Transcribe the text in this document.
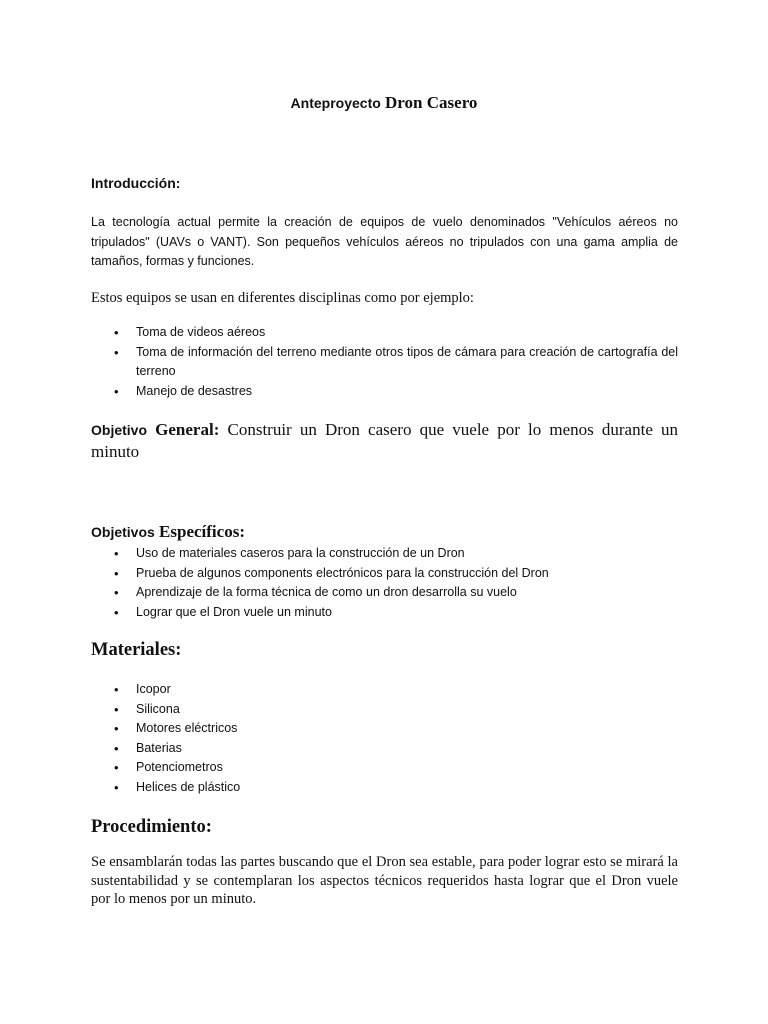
Anteproyecto Dron Casero
Introducción:
La tecnología actual permite la creación de equipos de vuelo denominados "Vehículos aéreos no tripulados" (UAVs o VANT). Son pequeños vehículos aéreos no tripulados con una gama amplia de tamaños, formas y funciones.
Estos equipos se usan en diferentes disciplinas como por ejemplo:
• Toma de videos aéreos
• Toma de información del terreno mediante otros tipos de cámara para creación de cartografía del terreno
• Manejo de desastres
Objetivo General: Construir un Dron casero que vuele por lo menos durante un minuto
Objetivos Específicos:
• Uso de materiales caseros para la construcción de un Dron
• Prueba de algunos components electrónicos para la construcción del Dron
• Aprendizaje de la forma técnica de como un dron desarrolla su vuelo
• Lograr que el Dron vuele un minuto
Materiales:
• Icopor
• Silicona
• Motores eléctricos
• Baterias
• Potenciometros
• Helices de plástico
Procedimiento:
Se ensamblarán todas las partes buscando que el Dron sea estable, para poder lograr esto se mirará la sustentabilidad y se contemplaran los aspectos técnicos requeridos hasta lograr que el Dron vuele por lo menos por un minuto.
